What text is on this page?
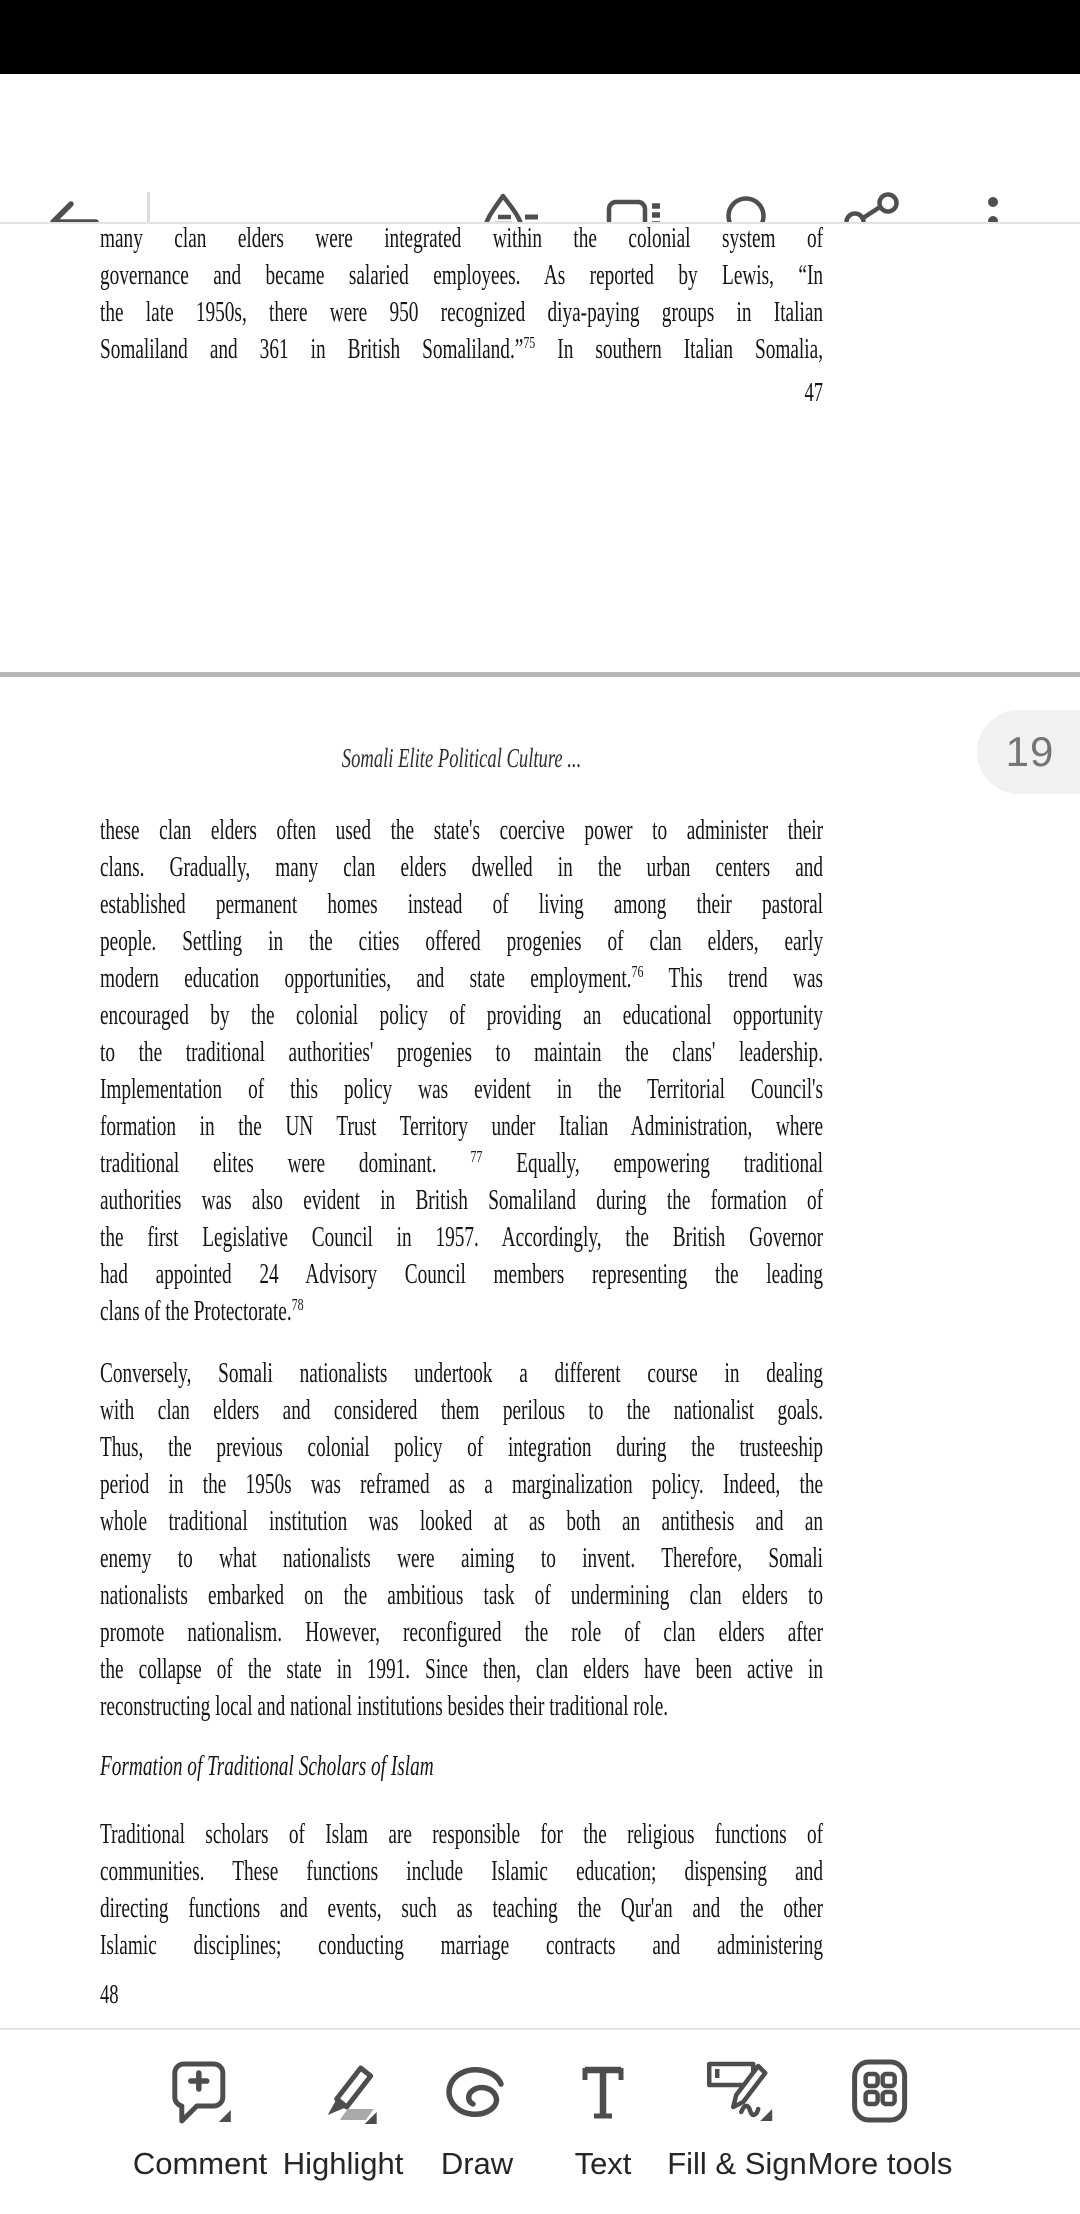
19
many clan elders were integrated within the colonial system of
governance and became salaried employees. As reported by Lewis, “In
the late 1950s, there were 950 recognized diya-paying groups in Italian
Somaliland and 361 in British Somaliland.”$^{75}$ In southern Italian Somalia,
47
Somali Elite Political Culture ...
these clan elders often used the state's coercive power to administer their
clans. Gradually, many clan elders dwelled in the urban centers and
established permanent homes instead of living among their pastoral
people. Settling in the cities offered progenies of clan elders, early
modern education opportunities, and state employment.$^{76}$ This trend was
encouraged by the colonial policy of providing an educational opportunity
to the traditional authorities' progenies to maintain the clans' leadership.
Implementation of this policy was evident in the Territorial Council's
formation in the UN Trust Territory under Italian Administration, where
traditional elites were dominant. $^{77}$ Equally, empowering traditional
authorities was also evident in British Somaliland during the formation of
the first Legislative Council in 1957. Accordingly, the British Governor
had appointed 24 Advisory Council members representing the leading
clans of the Protectorate.$^{78}$
Conversely, Somali nationalists undertook a different course in dealing
with clan elders and considered them perilous to the nationalist goals.
Thus, the previous colonial policy of integration during the trusteeship
period in the 1950s was reframed as a marginalization policy. Indeed, the
whole traditional institution was looked at as both an antithesis and an
enemy to what nationalists were aiming to invent. Therefore, Somali
nationalists embarked on the ambitious task of undermining clan elders to
promote nationalism. However, reconfigured the role of clan elders after
the collapse of the state in 1991. Since then, clan elders have been active in
reconstructing local and national institutions besides their traditional role.
Formation of Traditional Scholars of Islam
Traditional scholars of Islam are responsible for the religious functions of
communities. These functions include Islamic education; dispensing and
directing functions and events, such as teaching the Qur'an and the other
Islamic disciplines; conducting marriage contracts and administering
48
Comment Highlight Draw Text Fill & Sign More tools
